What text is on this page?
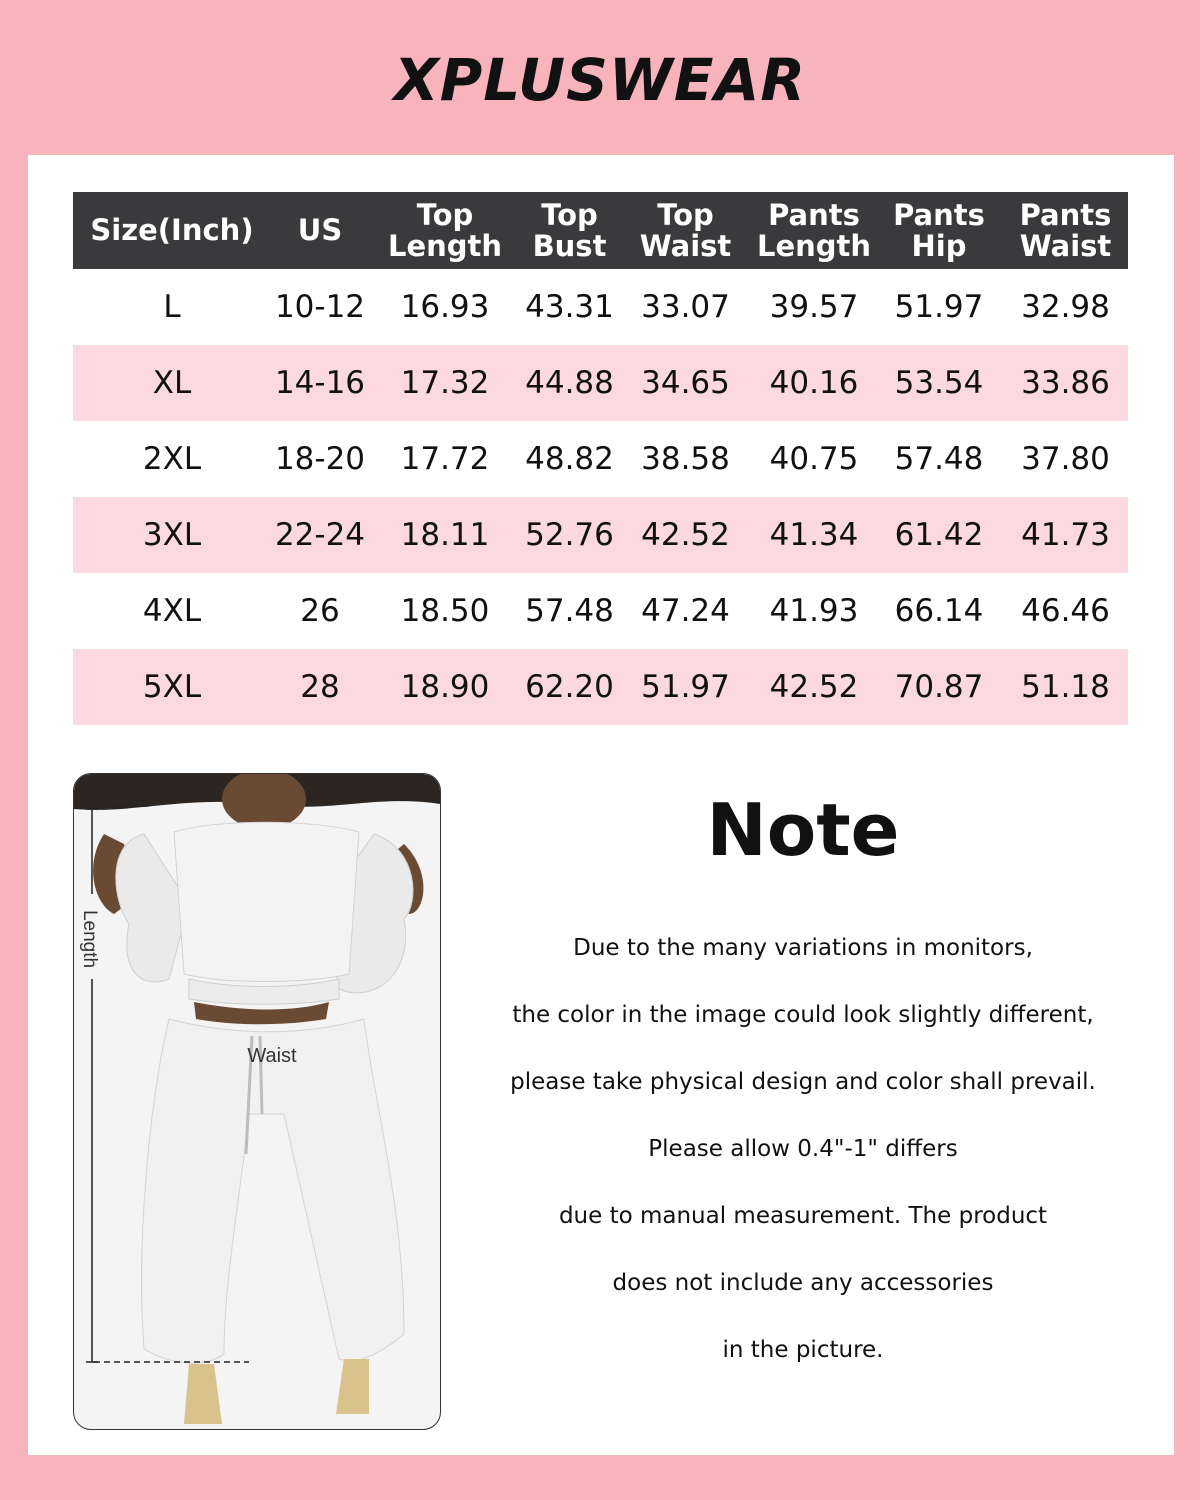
XPLUSWEAR
Size(Inch)	US	Top Length	Top Bust	Top Waist	Pants Length	Pants Hip	Pants Waist
L	10-12	16.93	43.31	33.07	39.57	51.97	32.98
XL	14-16	17.32	44.88	34.65	40.16	53.54	33.86
2XL	18-20	17.72	48.82	38.58	40.75	57.48	37.80
3XL	22-24	18.11	52.76	42.52	41.34	61.42	41.73
4XL	26	18.50	57.48	47.24	41.93	66.14	46.46
5XL	28	18.90	62.20	51.97	42.52	70.87	51.18
Length
Waist
Note
Due to the many variations in monitors,
the color in the image could look slightly different,
please take physical design and color shall prevail.
Please allow 0.4"-1" differs
due to manual measurement. The product
does not include any accessories
in the picture.
